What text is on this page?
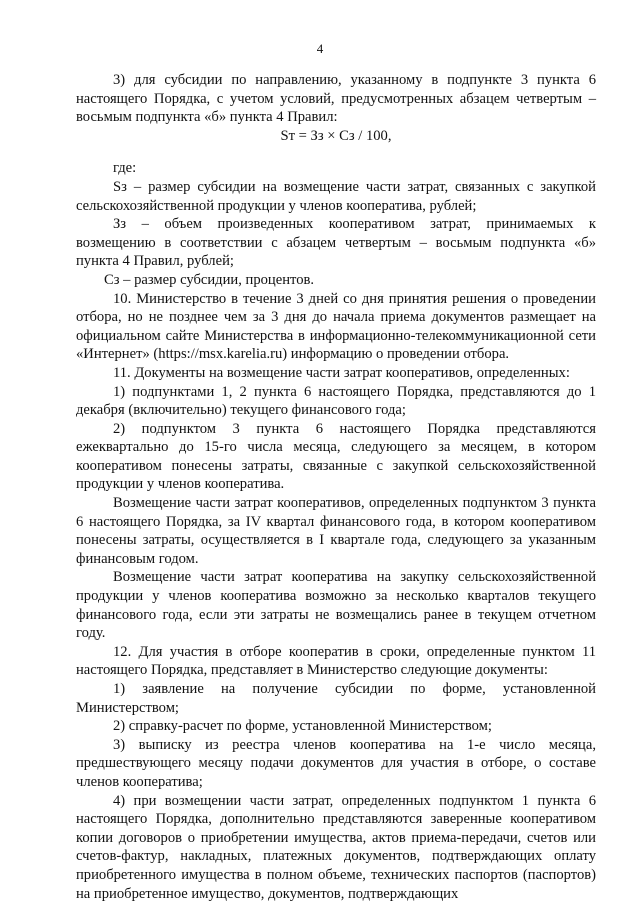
4

3) для субсидии по направлению, указанному в подпункте 3 пункта 6 настоящего Порядка, с учетом условий, предусмотренных абзацем четвертым – восьмым подпункта «б» пункта 4 Правил:

Sт = Зз × Сз / 100,

где:

Sз – размер субсидии на возмещение части затрат, связанных с закупкой сельскохозяйственной продукции у членов кооператива, рублей;

Зз – объем произведенных кооперативом затрат, принимаемых к возмещению в соответствии с абзацем четвертым – восьмым подпункта «б» пункта 4 Правил, рублей;

Сз – размер субсидии, процентов.

10. Министерство в течение 3 дней со дня принятия решения о проведении отбора, но не позднее чем за 3 дня до начала приема документов размещает на официальном сайте Министерства в информационно-телекоммуникационной сети «Интернет» (https://msx.karelia.ru) информацию о проведении отбора.

11. Документы на возмещение части затрат кооперативов, определенных:

1) подпунктами 1, 2 пункта 6 настоящего Порядка, представляются до 1 декабря (включительно) текущего финансового года;

2) подпунктом 3 пункта 6 настоящего Порядка представляются ежеквартально до 15-го числа месяца, следующего за месяцем, в котором кооперативом понесены затраты, связанные с закупкой сельскохозяйственной продукции у членов кооператива.

Возмещение части затрат кооперативов, определенных подпунктом 3 пункта 6 настоящего Порядка, за IV квартал финансового года, в котором кооперативом понесены затраты, осуществляется в I квартале года, следующего за указанным финансовым годом.

Возмещение части затрат кооператива на закупку сельскохозяйственной продукции у членов кооператива возможно за несколько кварталов текущего финансового года, если эти затраты не возмещались ранее в текущем отчетном году.

12. Для участия в отборе кооператив в сроки, определенные пунктом 11 настоящего Порядка, представляет в Министерство следующие документы:

1) заявление на получение субсидии по форме, установленной Министерством;

2) справку-расчет по форме, установленной Министерством;

3) выписку из реестра членов кооператива на 1-е число месяца, предшествующего месяцу подачи документов для участия в отборе, о составе членов кооператива;

4) при возмещении части затрат, определенных подпунктом 1 пункта 6 настоящего Порядка, дополнительно представляются заверенные кооперативом копии договоров о приобретении имущества, актов приема-передачи, счетов или счетов-фактур, накладных, платежных документов, подтверждающих оплату приобретенного имущества в полном объеме, технических паспортов (паспортов) на приобретенное имущество, документов, подтверждающих
